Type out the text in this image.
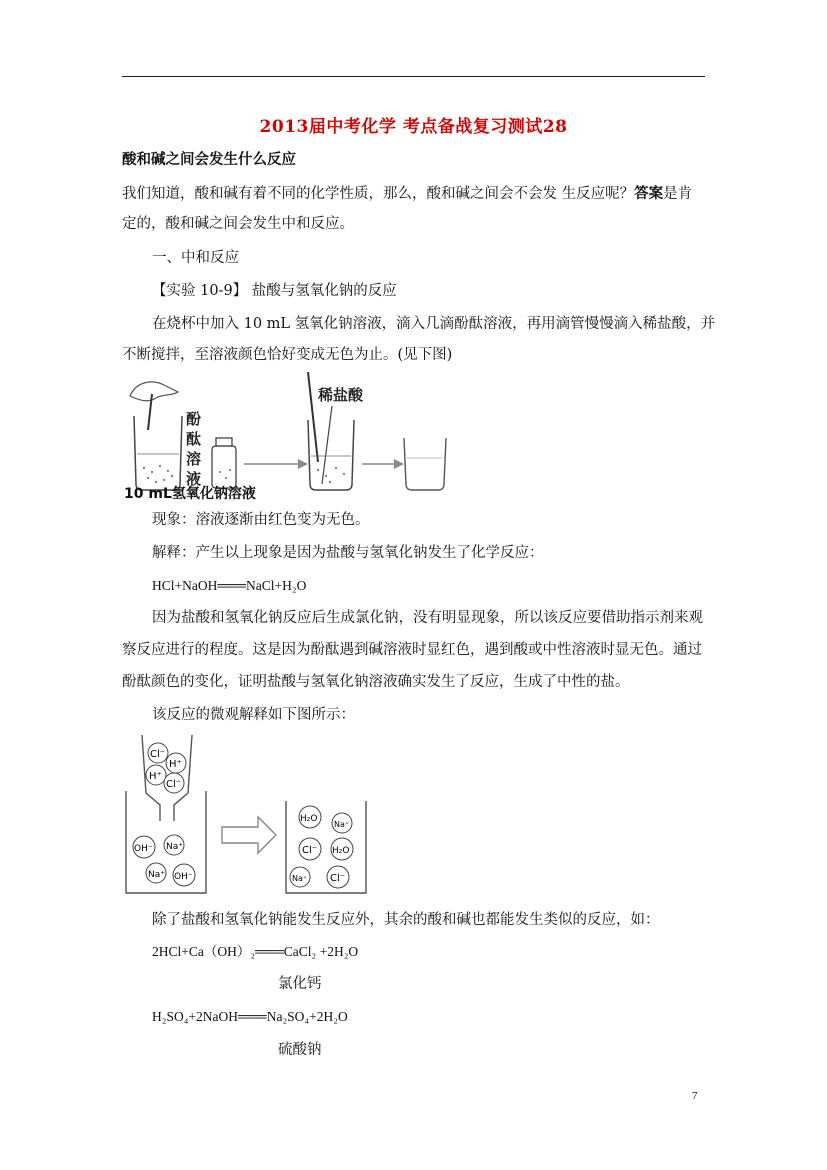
2013届中考化学 考点备战复习测试28
酸和碱之间会发生什么反应
我们知道，酸和碱有着不同的化学性质，那么，酸和碱之间会不会发 生反应呢？答案是肯
定的，酸和碱之间会发生中和反应。
一、中和反应
【实验 10-9】 盐酸与氢氧化钠的反应
在烧杯中加入 10 mL 氢氧化钠溶液，滴入几滴酚酞溶液，再用滴管慢慢滴入稀盐酸，并
不断搅拌，至溶液颜色恰好变成无色为止。(见下图)
酚
酞
溶
液
稀盐酸
10 mL氢氧化钠溶液
现象：溶液逐渐由红色变为无色。
解释：产生以上现象是因为盐酸与氢氧化钠发生了化学反应：
HCl+NaOH═══NaCl+H₂O
因为盐酸和氢氧化钠反应后生成氯化钠，没有明显现象，所以该反应要借助指示剂来观
察反应进行的程度。这是因为酚酞遇到碱溶液时显红色，遇到酸或中性溶液时显无色。通过
酚酞颜色的变化，证明盐酸与氢氧化钠溶液确实发生了反应，生成了中性的盐。
该反应的微观解释如下图所示：
Cl⁻
H⁺
H⁺
Cl⁻
OH⁻ Na⁺
Na⁺ OH⁻
H₂O
Na⁺
Cl⁻ H₂O
Na⁺ Cl⁻
除了盐酸和氢氧化钠能发生反应外，其余的酸和碱也都能发生类似的反应，如：
2HCl+Ca（OH）₂═══CaCl₂ +2H₂O
氯化钙
H₂SO₄+2NaOH═══Na₂SO₄+2H₂O
硫酸钠
7
